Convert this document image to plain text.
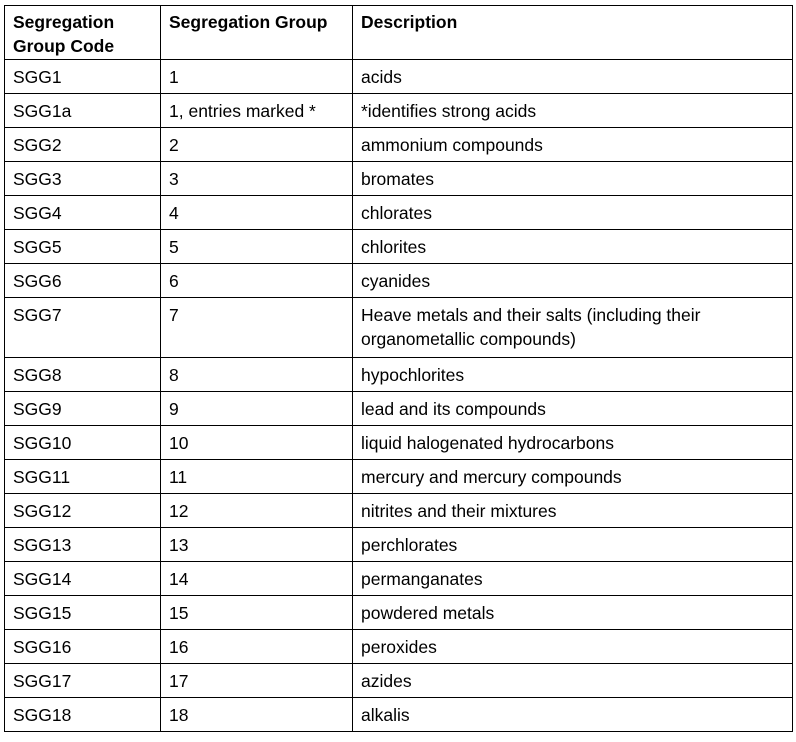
Segregation Group Code	Segregation Group	Description
SGG1	1	acids
SGG1a	1, entries marked *	*identifies strong acids
SGG2	2	ammonium compounds
SGG3	3	bromates
SGG4	4	chlorates
SGG5	5	chlorites
SGG6	6	cyanides
SGG7	7	Heave metals and their salts (including their organometallic compounds)
SGG8	8	hypochlorites
SGG9	9	lead and its compounds
SGG10	10	liquid halogenated hydrocarbons
SGG11	11	mercury and mercury compounds
SGG12	12	nitrites and their mixtures
SGG13	13	perchlorates
SGG14	14	permanganates
SGG15	15	powdered metals
SGG16	16	peroxides
SGG17	17	azides
SGG18	18	alkalis
